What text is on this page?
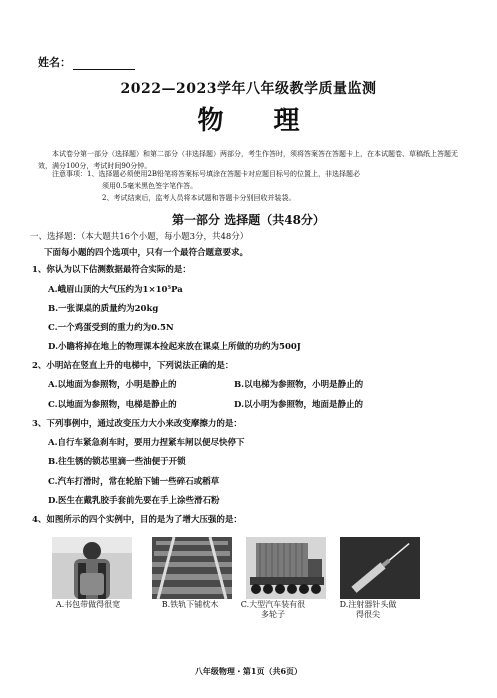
姓名：
2022—2023学年八年级教学质量监测
物理
本试卷分第一部分（选择题）和第二部分（非选择题）两部分，考生作答时，须将答案答在答题卡上，在本试题卷、草稿纸上答题无效，满分100分，考试时间90分钟。
注意事项：1、选择题必须使用2B铅笔将答案标号填涂在答题卡对应题目标号的位置上，非选择题必
须用0.5毫米黑色签字笔作答。
2、考试结束后，监考人员将本试题和答题卡分别回收并装袋。
第一部分 选择题（共48分）
一、选择题：（本大题共16个小题，每小题3分，共48分）
下面每小题的四个选项中，只有一个最符合题意要求。
1、你认为以下估测数据最符合实际的是：
A.峨眉山顶的大气压约为1×10⁵Pa
B.一张课桌的质量约为20kg
C.一个鸡蛋受到的重力约为0.5N
D.小瞻将掉在地上的物理课本捡起来放在课桌上所做的功约为500J
2、小明站在竖直上升的电梯中，下列说法正确的是：
A.以地面为参照物，小明是静止的	B.以电梯为参照物，小明是静止的
C.以地面为参照物，电梯是静止的	D.以小明为参照物，地面是静止的
3、下列事例中，通过改变压力大小来改变摩擦力的是：
A.自行车紧急刹车时，要用力捏紧车闸以便尽快停下
B.往生锈的锁芯里滴一些油便于开锁
C.汽车打滑时，常在轮胎下铺一些碎石或稻草
D.医生在戴乳胶手套前先要在手上涂些滑石粉
4、如图所示的四个实例中，目的是为了增大压强的是：
A.书包带做得很宽	B.铁轨下铺枕木	C.大型汽车装有很多轮子
D.注射器针头做得很尖
八年级物理・第1页（共6页）
